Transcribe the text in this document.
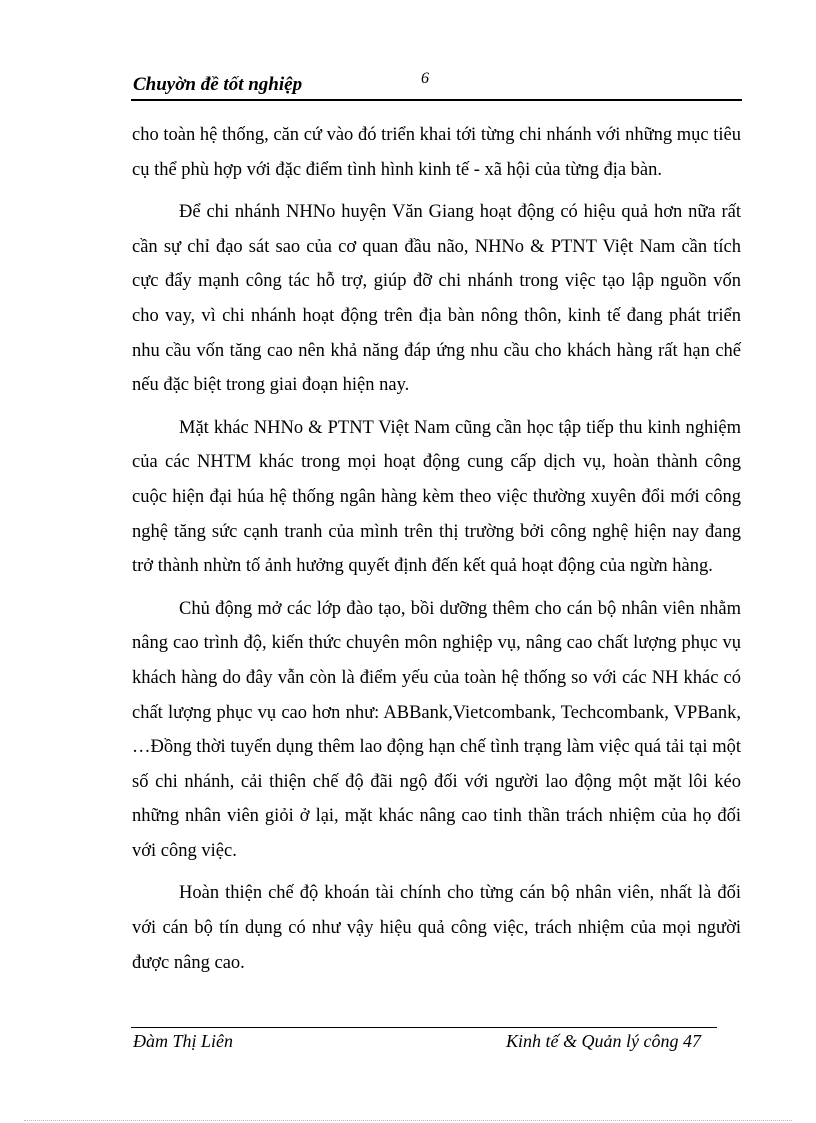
Chuyờn đề tốt nghiệp	6

cho toàn hệ thống, căn cứ vào đó triển khai tới từng chi nhánh với những mục tiêu cụ thể phù hợp với đặc điểm tình hình kinh tế - xã hội của từng địa bàn.

Để chi nhánh NHNo huyện Văn Giang hoạt động có hiệu quả hơn nữa rất cần sự chỉ đạo sát sao của cơ quan đầu não, NHNo & PTNT Việt Nam cần tích cực đẩy mạnh công tác hỗ trợ, giúp đỡ chi nhánh trong việc tạo lập nguồn vốn cho vay, vì chi nhánh hoạt động trên địa bàn nông thôn, kinh tế đang phát triển nhu cầu vốn tăng cao nên khả năng đáp ứng nhu cầu cho khách hàng rất hạn chế nếu đặc biệt trong giai đoạn hiện nay.

Mặt khác NHNo & PTNT Việt Nam cũng cần học tập tiếp thu kinh nghiệm của các NHTM khác trong mọi hoạt động cung cấp dịch vụ, hoàn thành công cuộc hiện đại húa hệ thống ngân hàng kèm theo việc thường xuyên đổi mới công nghệ tăng sức cạnh tranh của mình trên thị trường bởi công nghệ hiện nay đang trở thành nhừn tố ảnh hưởng quyết định đến kết quả hoạt động của ngừn hàng.

Chủ động mở các lớp đào tạo, bồi dưỡng thêm cho cán bộ nhân viên nhằm nâng cao trình độ, kiến thức chuyên môn nghiệp vụ, nâng cao chất lượng phục vụ khách hàng do đây vẫn còn là điểm yếu của toàn hệ thống so với các NH khác có chất lượng phục vụ cao hơn như: ABBank,Vietcombank, Techcombank, VPBank, …Đồng thời tuyển dụng thêm lao động hạn chế tình trạng làm việc quá tải tại một số chi nhánh, cải thiện chế độ đãi ngộ đối với người lao động một mặt lôi kéo những nhân viên giỏi ở lại, mặt khác nâng cao tinh thần trách nhiệm của họ đối với công việc.

Hoàn thiện chế độ khoán tài chính cho từng cán bộ nhân viên, nhất là đối với cán bộ tín dụng có như vậy hiệu quả công việc, trách nhiệm của mọi người được nâng cao.

Đàm Thị Liên	Kinh tế & Quản lý công 47
